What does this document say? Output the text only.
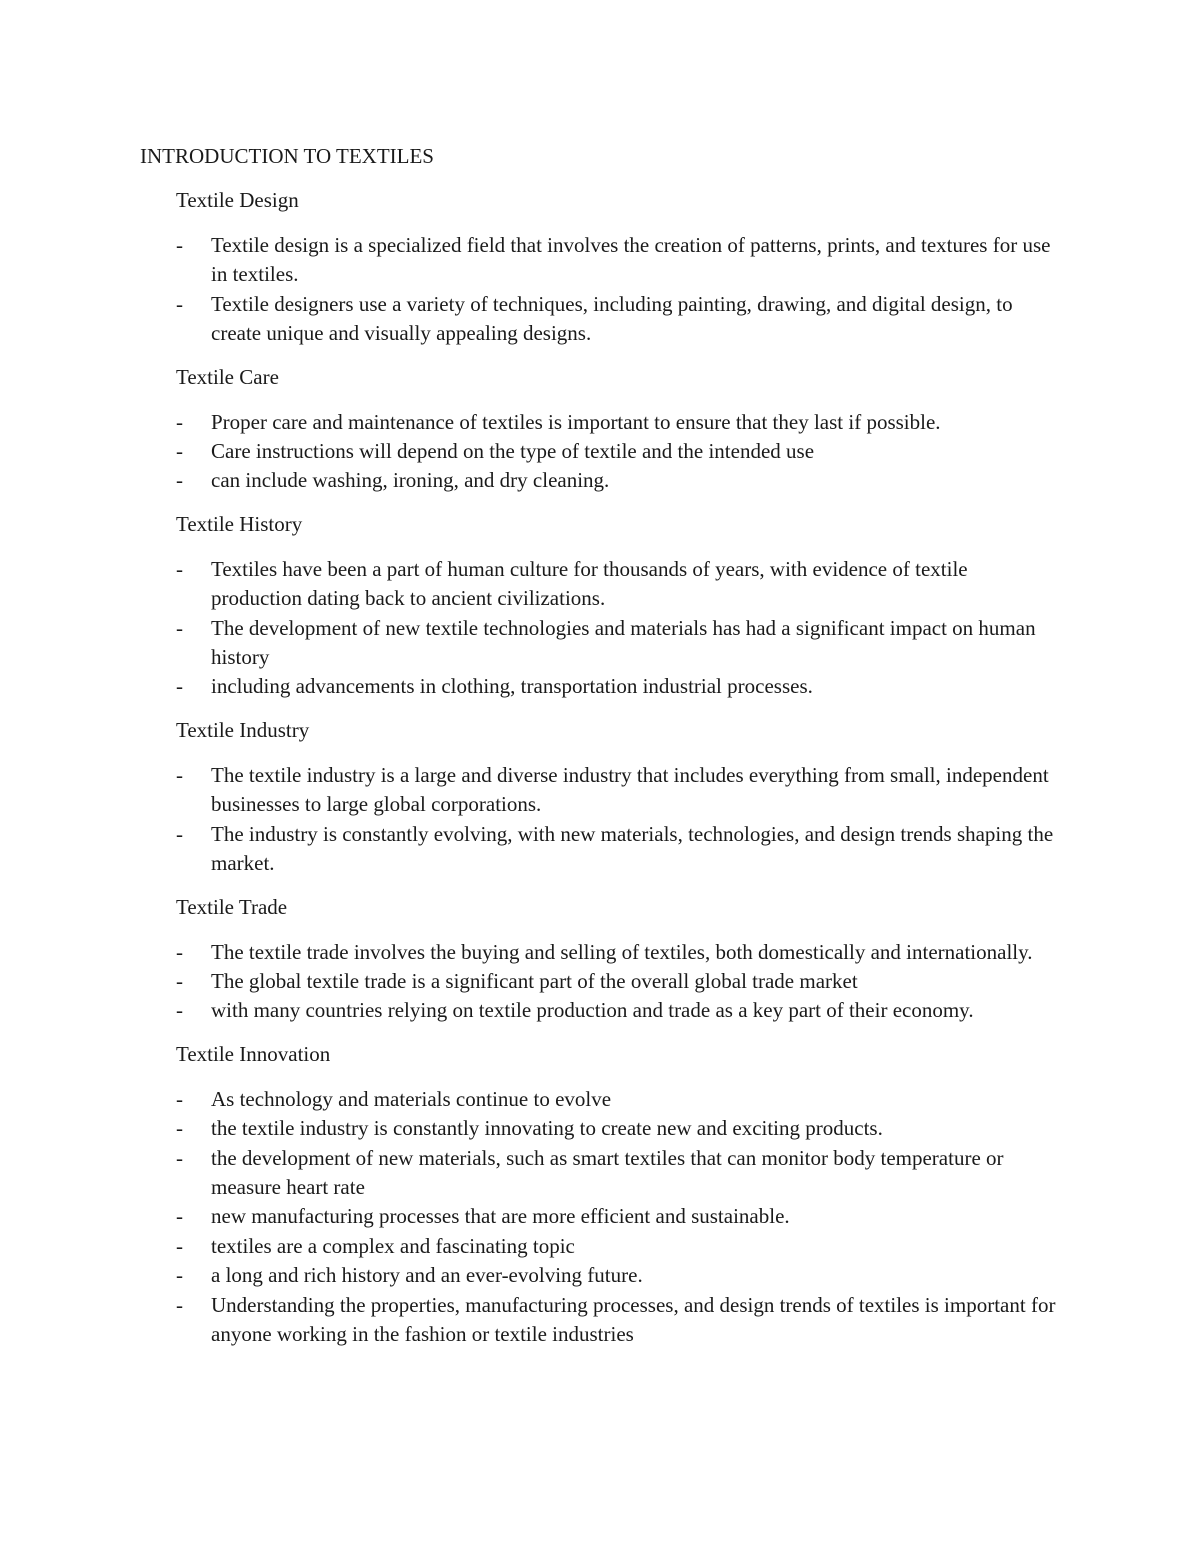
INTRODUCTION TO TEXTILES
Textile Design
- Textile design is a specialized field that involves the creation of patterns, prints, and textures for use in textiles.
- Textile designers use a variety of techniques, including painting, drawing, and digital design, to create unique and visually appealing designs.
Textile Care
- Proper care and maintenance of textiles is important to ensure that they last if possible.
- Care instructions will depend on the type of textile and the intended use
- can include washing, ironing, and dry cleaning.
Textile History
- Textiles have been a part of human culture for thousands of years, with evidence of textile production dating back to ancient civilizations.
- The development of new textile technologies and materials has had a significant impact on human history
- including advancements in clothing, transportation industrial processes.
Textile Industry
- The textile industry is a large and diverse industry that includes everything from small, independent businesses to large global corporations.
- The industry is constantly evolving, with new materials, technologies, and design trends shaping the market.
Textile Trade
- The textile trade involves the buying and selling of textiles, both domestically and internationally.
- The global textile trade is a significant part of the overall global trade market
- with many countries relying on textile production and trade as a key part of their economy.
Textile Innovation
- As technology and materials continue to evolve
- the textile industry is constantly innovating to create new and exciting products.
- the development of new materials, such as smart textiles that can monitor body temperature or measure heart rate
- new manufacturing processes that are more efficient and sustainable.
- textiles are a complex and fascinating topic
- a long and rich history and an ever-evolving future.
- Understanding the properties, manufacturing processes, and design trends of textiles is important for anyone working in the fashion or textile industries
